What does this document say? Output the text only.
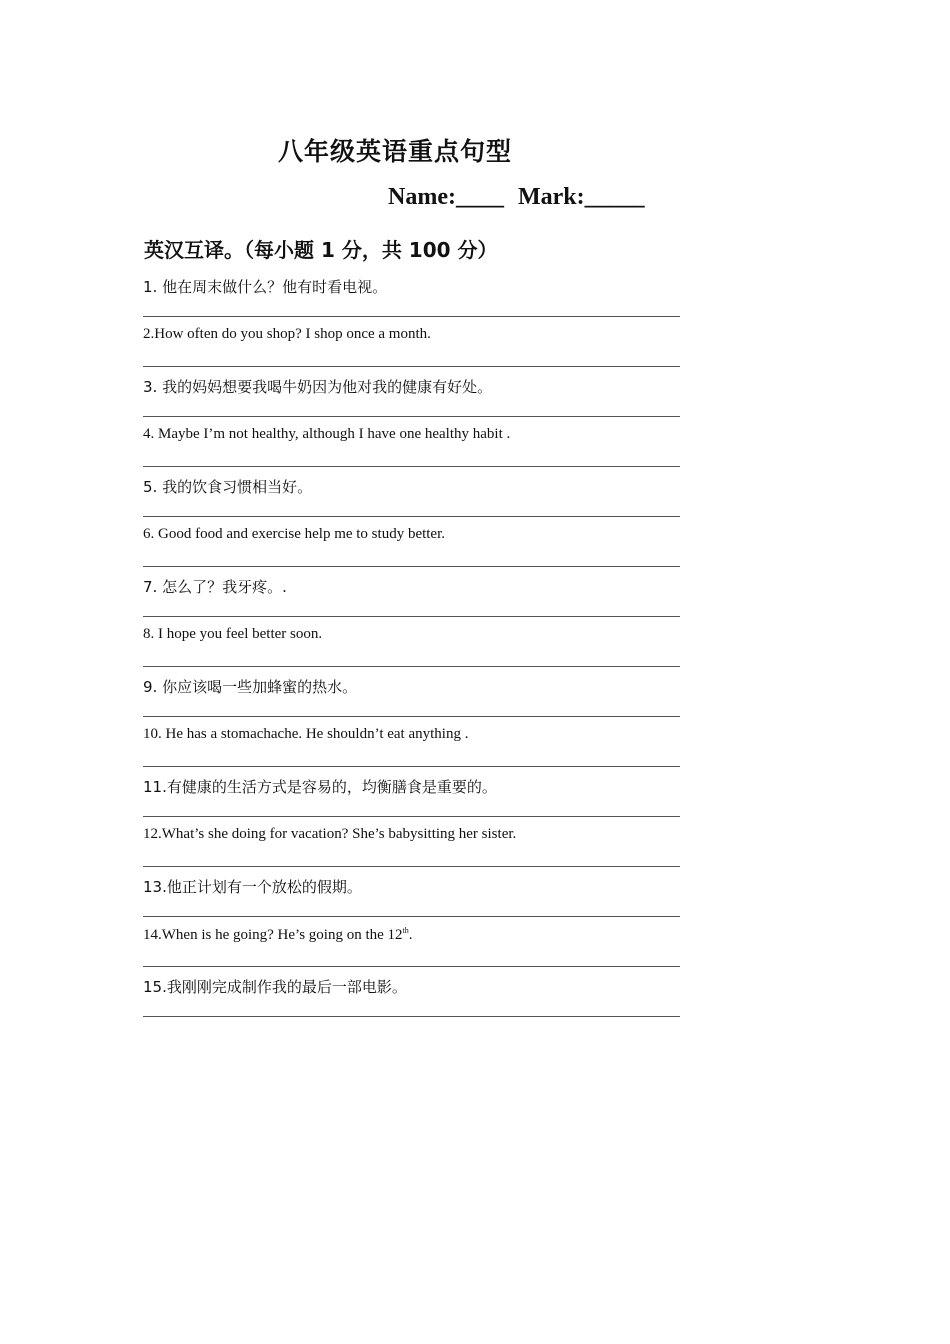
八年级英语重点句型
Name:____ Mark:_____
英汉互译。（每小题 1 分，共 100 分）
1. 他在周末做什么？他有时看电视。
2.How often do you shop? I shop once a month.
3. 我的妈妈想要我喝牛奶因为他对我的健康有好处。
4. Maybe I’m not healthy, although I have one healthy habit .
5. 我的饮食习惯相当好。
6. Good food and exercise help me to study better.
7. 怎么了？我牙疼。.
8. I hope you feel better soon.
9. 你应该喝一些加蜂蜜的热水。
10. He has a stomachache. He shouldn’t eat anything .
11.有健康的生活方式是容易的，均衡膳食是重要的。
12.What’s she doing for vacation? She’s babysitting her sister.
13.他正计划有一个放松的假期。
14.When is he going? He’s going on the 12th.
15.我刚刚完成制作我的最后一部电影。
